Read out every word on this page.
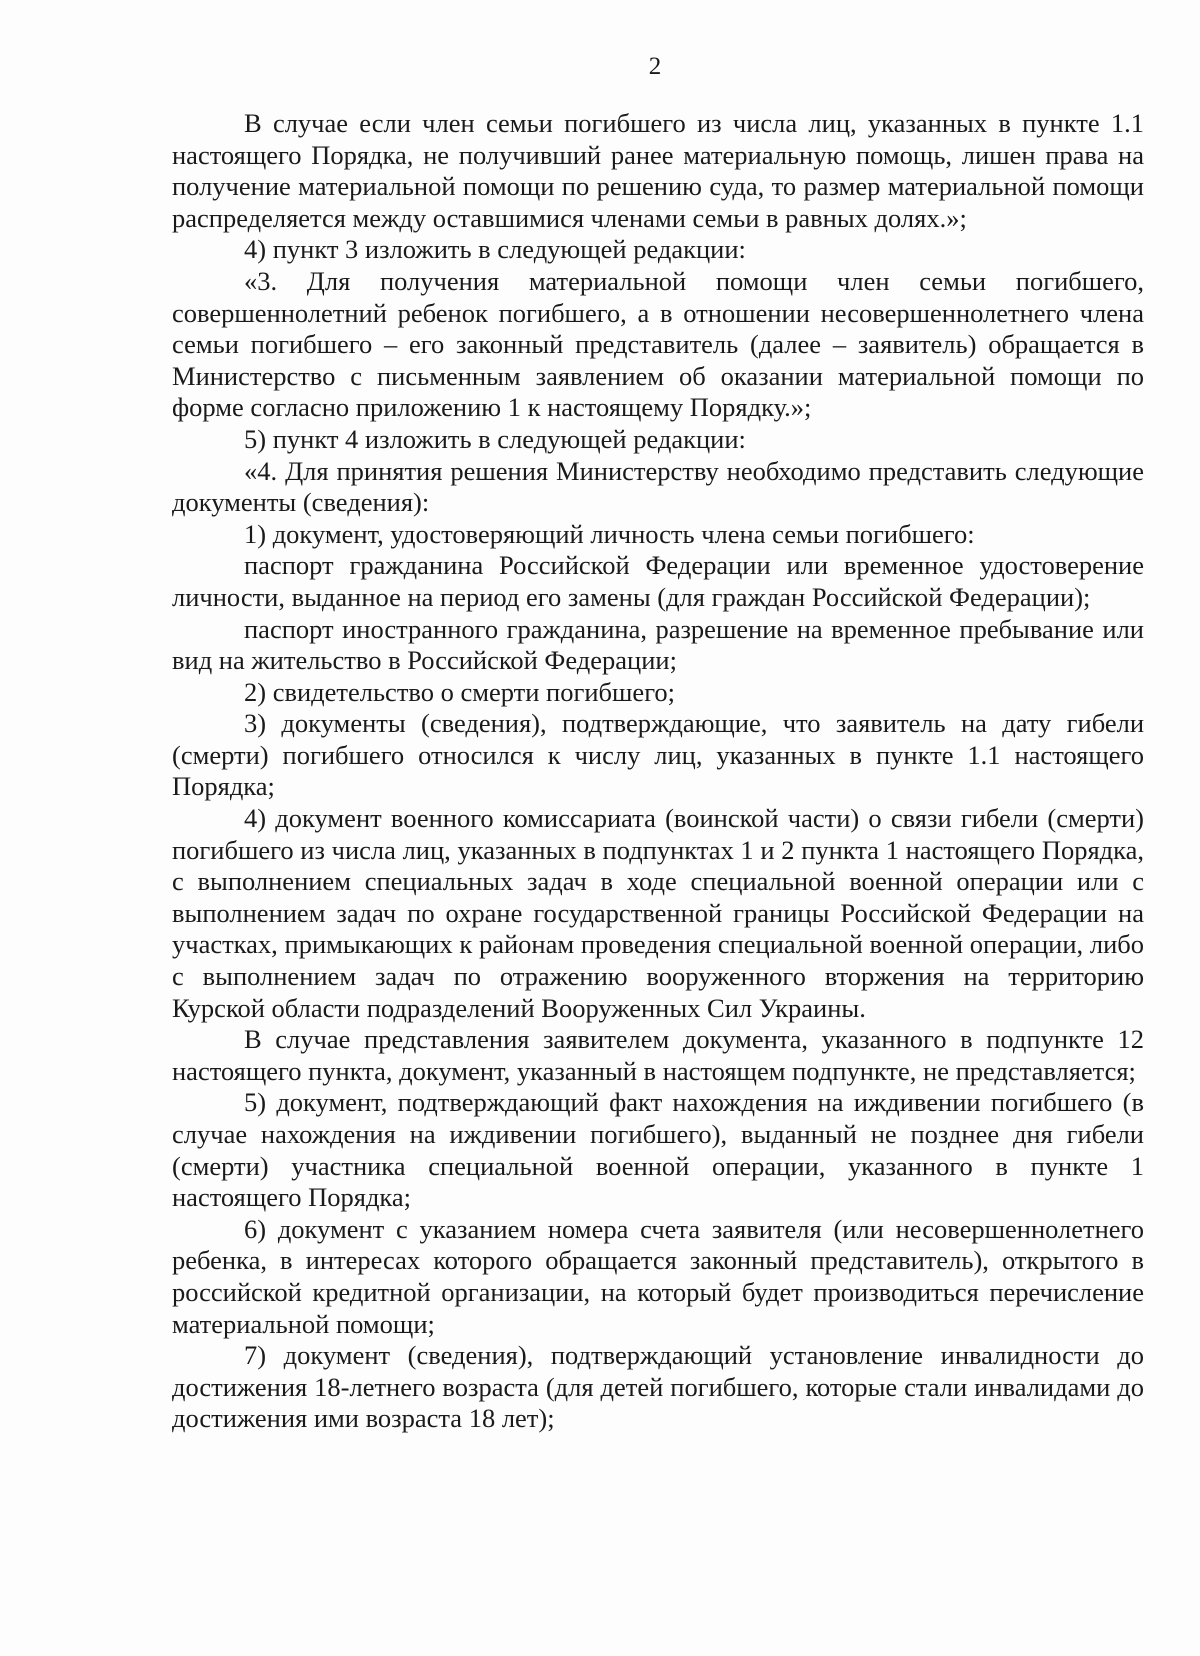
2

В случае если член семьи погибшего из числа лиц, указанных в пункте 1.1 настоящего Порядка, не получивший ранее материальную помощь, лишен права на получение материальной помощи по решению суда, то размер материальной помощи распределяется между оставшимися членами семьи в равных долях.»;

4) пункт 3 изложить в следующей редакции:

«3. Для получения материальной помощи член семьи погибшего, совершеннолетний ребенок погибшего, а в отношении несовершеннолетнего члена семьи погибшего – его законный представитель (далее – заявитель) обращается в Министерство с письменным заявлением об оказании материальной помощи по форме согласно приложению 1 к настоящему Порядку.»;

5) пункт 4 изложить в следующей редакции:

«4. Для принятия решения Министерству необходимо представить следующие документы (сведения):

1) документ, удостоверяющий личность члена семьи погибшего:

паспорт гражданина Российской Федерации или временное удостоверение личности, выданное на период его замены (для граждан Российской Федерации);

паспорт иностранного гражданина, разрешение на временное пребывание или вид на жительство в Российской Федерации;

2) свидетельство о смерти погибшего;

3) документы (сведения), подтверждающие, что заявитель на дату гибели (смерти) погибшего относился к числу лиц, указанных в пункте 1.1 настоящего Порядка;

4) документ военного комиссариата (воинской части) о связи гибели (смерти) погибшего из числа лиц, указанных в подпунктах 1 и 2 пункта 1 настоящего Порядка, с выполнением специальных задач в ходе специальной военной операции или с выполнением задач по охране государственной границы Российской Федерации на участках, примыкающих к районам проведения специальной военной операции, либо с выполнением задач по отражению вооруженного вторжения на территорию Курской области подразделений Вооруженных Сил Украины.

В случае представления заявителем документа, указанного в подпункте 12 настоящего пункта, документ, указанный в настоящем подпункте, не представляется;

5) документ, подтверждающий факт нахождения на иждивении погибшего (в случае нахождения на иждивении погибшего), выданный не позднее дня гибели (смерти) участника специальной военной операции, указанного в пункте 1 настоящего Порядка;

6) документ с указанием номера счета заявителя (или несовершеннолетнего ребенка, в интересах которого обращается законный представитель), открытого в российской кредитной организации, на который будет производиться перечисление материальной помощи;

7) документ (сведения), подтверждающий установление инвалидности до достижения 18-летнего возраста (для детей погибшего, которые стали инвалидами до достижения ими возраста 18 лет);
